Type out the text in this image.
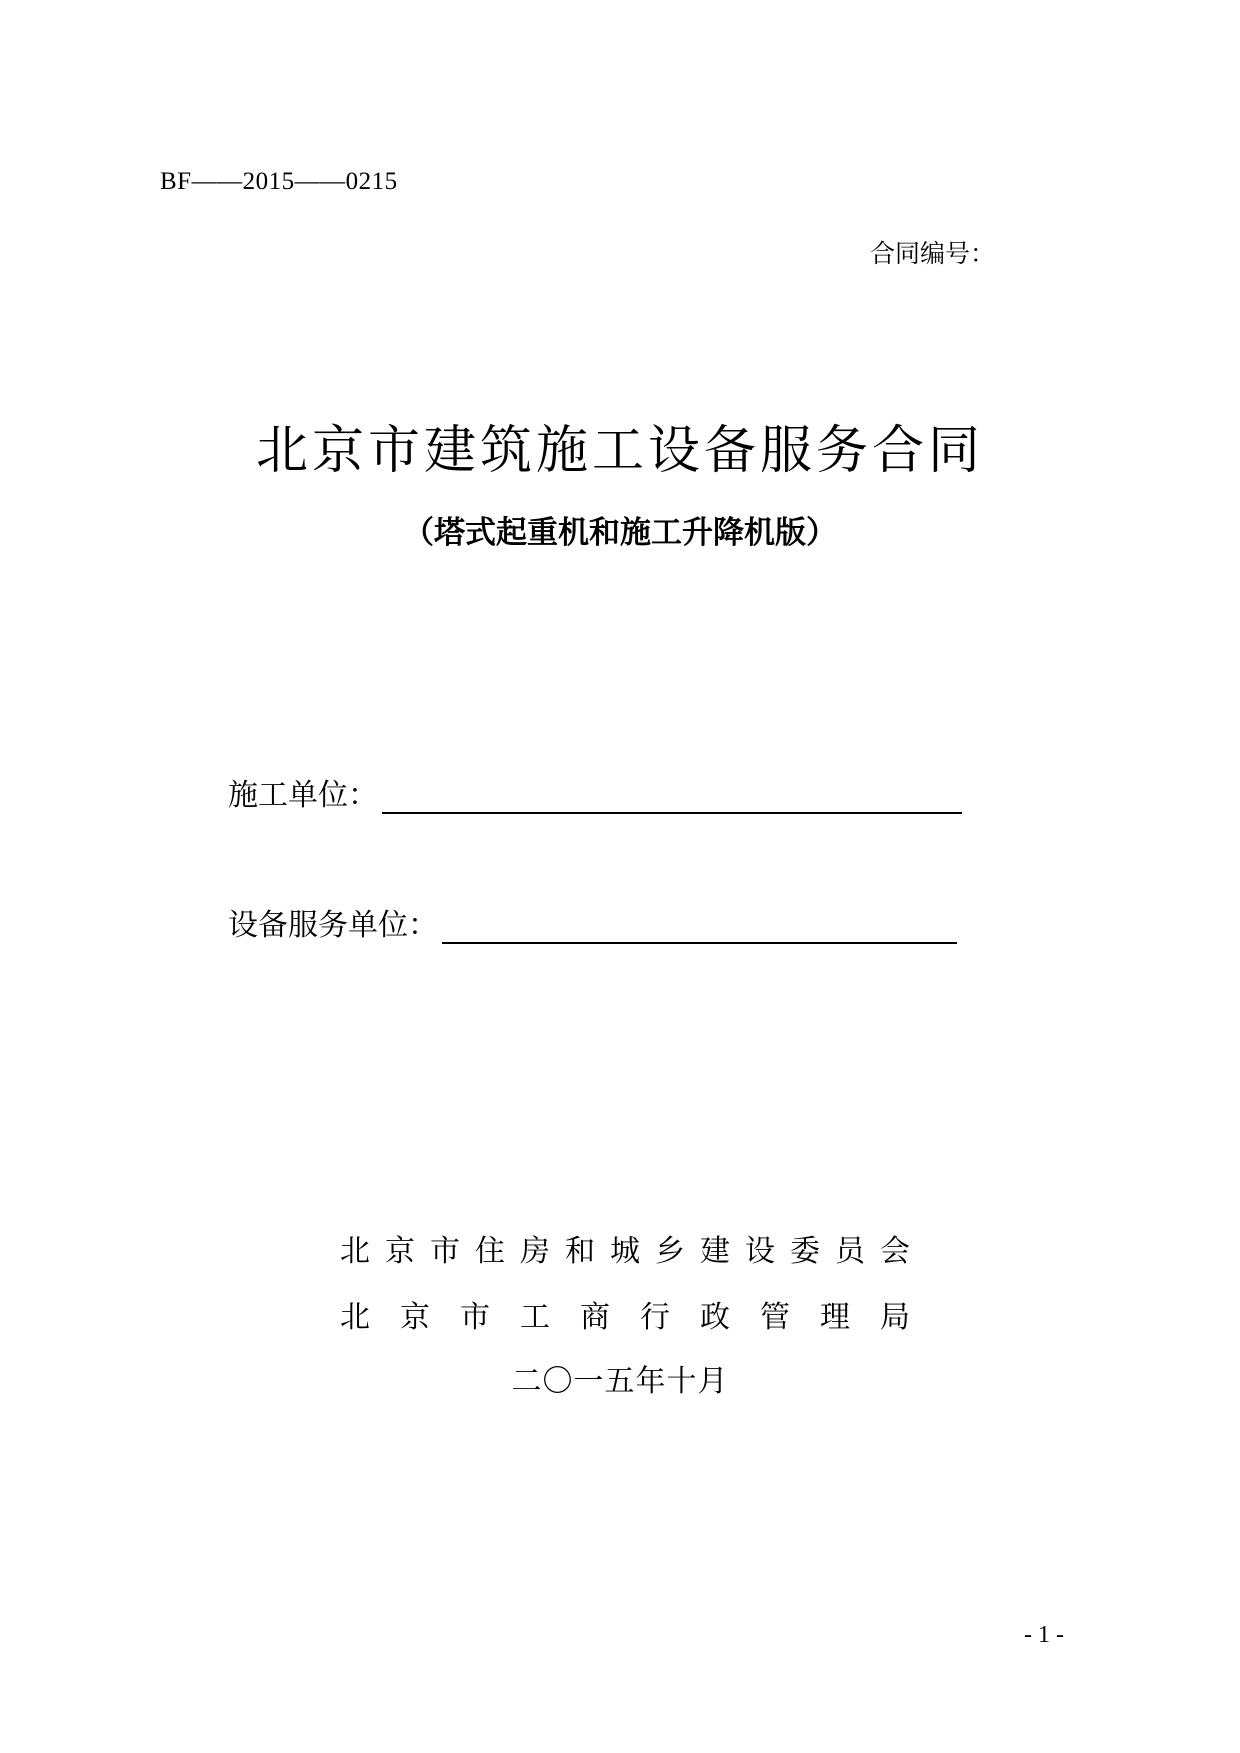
BF——2015——0215
合同编号：
北京市建筑施工设备服务合同
（塔式起重机和施工升降机版）
施工单位：
设备服务单位：
北 京 市 住 房 和 城 乡 建 设 委 员 会
北 京 市 工 商 行 政 管 理 局
二〇一五年十月
- 1 -
